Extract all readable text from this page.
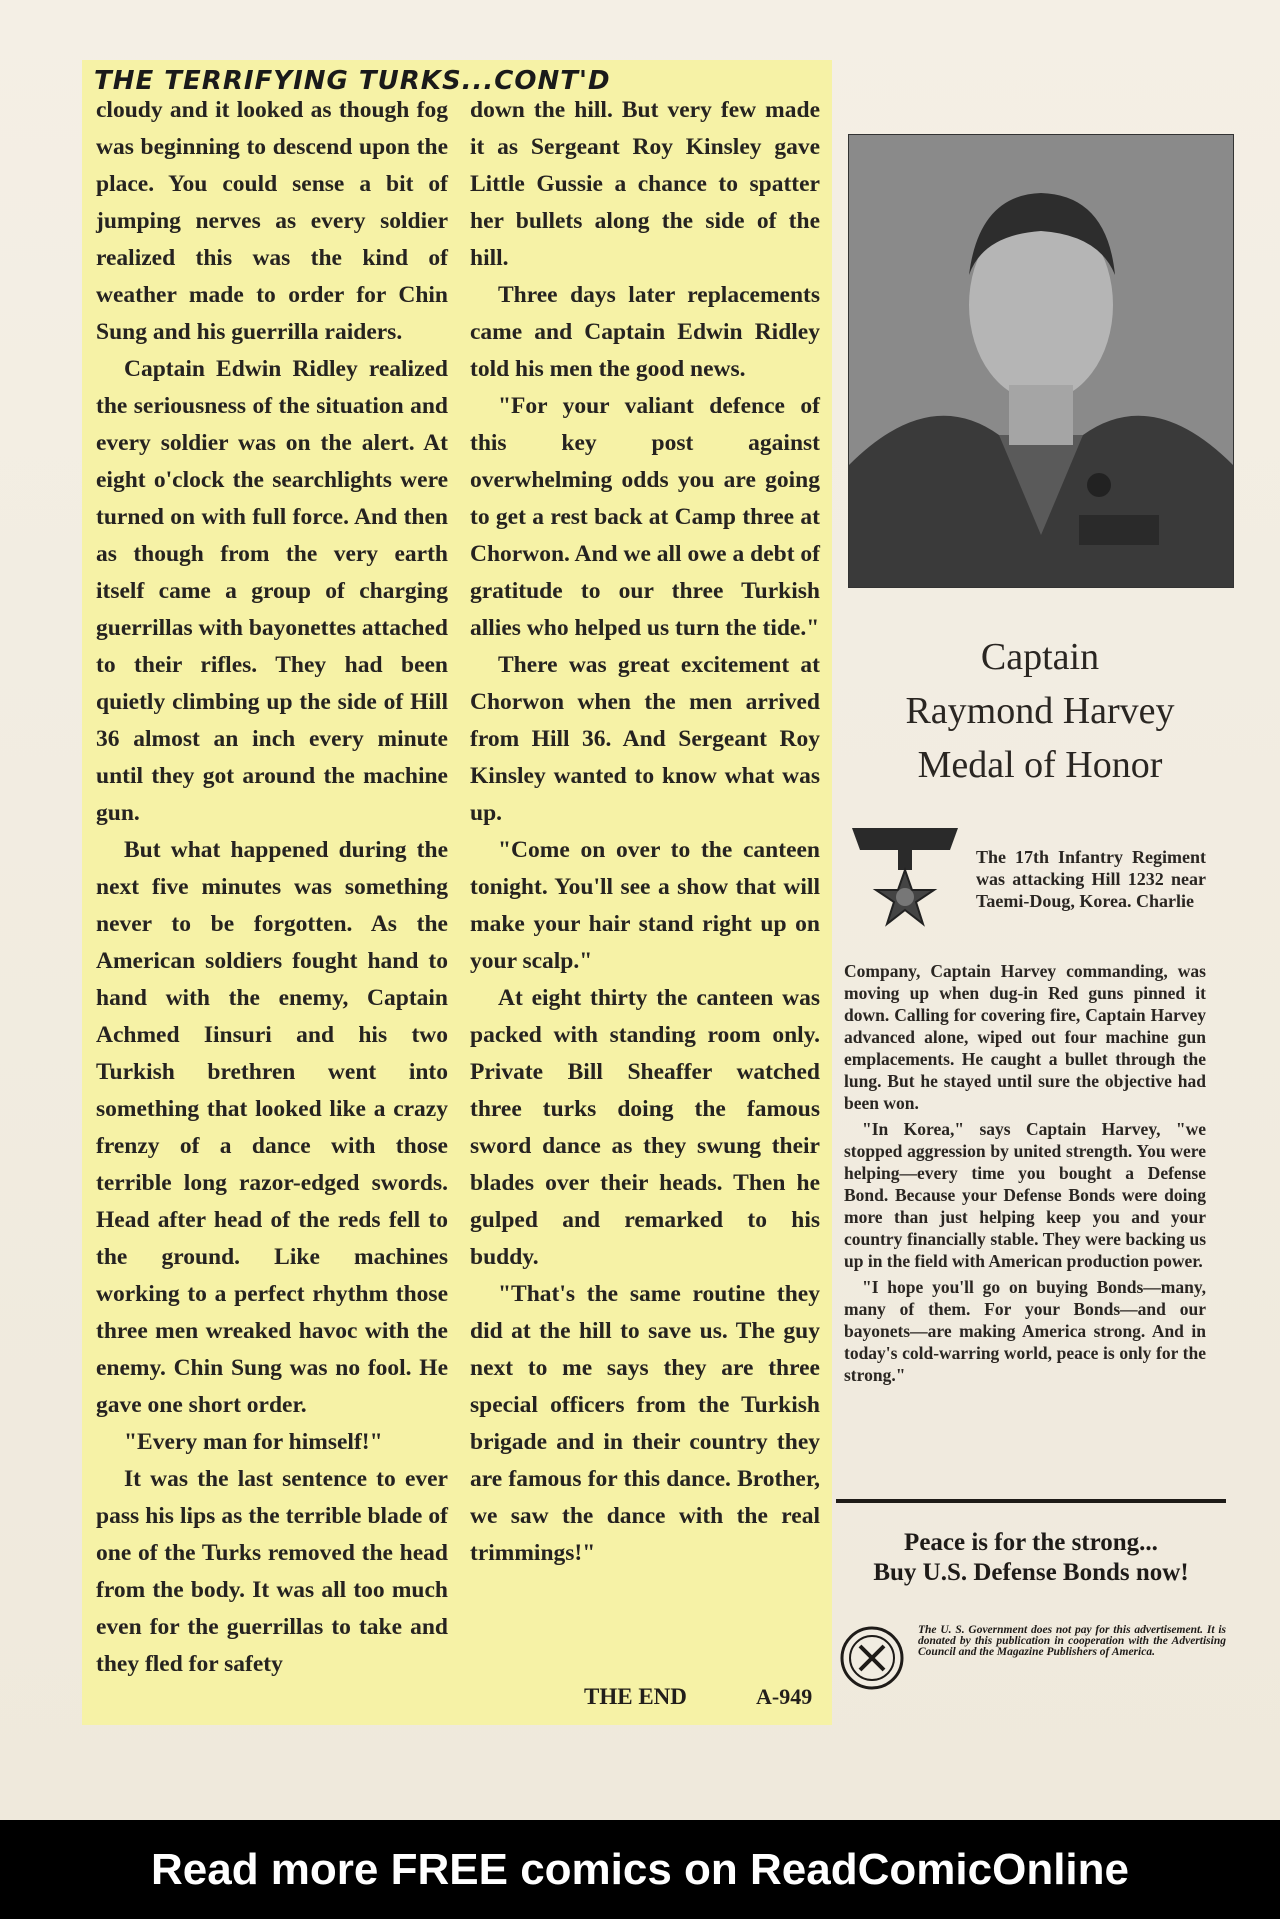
THE TERRIFYING TURKS...CONT'D

cloudy and it looked as though fog was beginning to descend upon the place. You could sense a bit of jumping nerves as every soldier realized this was the kind of weather made to order for Chin Sung and his guerrilla raiders.

Captain Edwin Ridley realized the seriousness of the situation and every soldier was on the alert. At eight o'clock the searchlights were turned on with full force. And then as though from the very earth itself came a group of charging guerrillas with bayonettes attached to their rifles. They had been quietly climbing up the side of Hill 36 almost an inch every minute until they got around the machine gun.

But what happened during the next five minutes was something never to be forgotten. As the American soldiers fought hand to hand with the enemy, Captain Achmed Iinsuri and his two Turkish brethren went into something that looked like a crazy frenzy of a dance with those terrible long razor-edged swords. Head after head of the reds fell to the ground. Like machines working to a perfect rhythm those three men wreaked havoc with the enemy. Chin Sung was no fool. He gave one short order.

"Every man for himself!"

It was the last sentence to ever pass his lips as the terrible blade of one of the Turks removed the head from the body. It was all too much even for the guerrillas to take and they fled for safety

down the hill. But very few made it as Sergeant Roy Kinsley gave Little Gussie a chance to spatter her bullets along the side of the hill.

Three days later replacements came and Captain Edwin Ridley told his men the good news.

"For your valiant defence of this key post against overwhelming odds you are going to get a rest back at Camp three at Chorwon. And we all owe a debt of gratitude to our three Turkish allies who helped us turn the tide."

There was great excitement at Chorwon when the men arrived from Hill 36. And Sergeant Roy Kinsley wanted to know what was up.

"Come on over to the canteen tonight. You'll see a show that will make your hair stand right up on your scalp."

At eight thirty the canteen was packed with standing room only. Private Bill Sheaffer watched three turks doing the famous sword dance as they swung their blades over their heads. Then he gulped and remarked to his buddy.

"That's the same routine they did at the hill to save us. The guy next to me says they are three special officers from the Turkish brigade and in their country they are famous for this dance. Brother, we saw the dance with the real trimmings!"

THE END	A-949
Captain
Raymond Harvey
Medal of Honor
The 17th Infantry Regiment was attacking Hill 1232 near Taemi-Doug, Korea. Charlie

Company, Captain Harvey commanding, was moving up when dug-in Red guns pinned it down. Calling for covering fire, Captain Harvey advanced alone, wiped out four machine gun emplacements. He caught a bullet through the lung. But he stayed until sure the objective had been won.

"In Korea," says Captain Harvey, "we stopped aggression by united strength. You were helping—every time you bought a Defense Bond. Because your Defense Bonds were doing more than just helping keep you and your country financially stable. They were backing us up in the field with American production power.

"I hope you'll go on buying Bonds—many, many of them. For your Bonds—and our bayonets—are making America strong. And in today's cold-warring world, peace is only for the strong."

Peace is for the strong...
Buy U.S. Defense Bonds now!
The U. S. Government does not pay for this advertisement. It is donated by this publication in cooperation with the Advertising Council and the Magazine Publishers of America.
Read more FREE comics on ReadComicOnline
